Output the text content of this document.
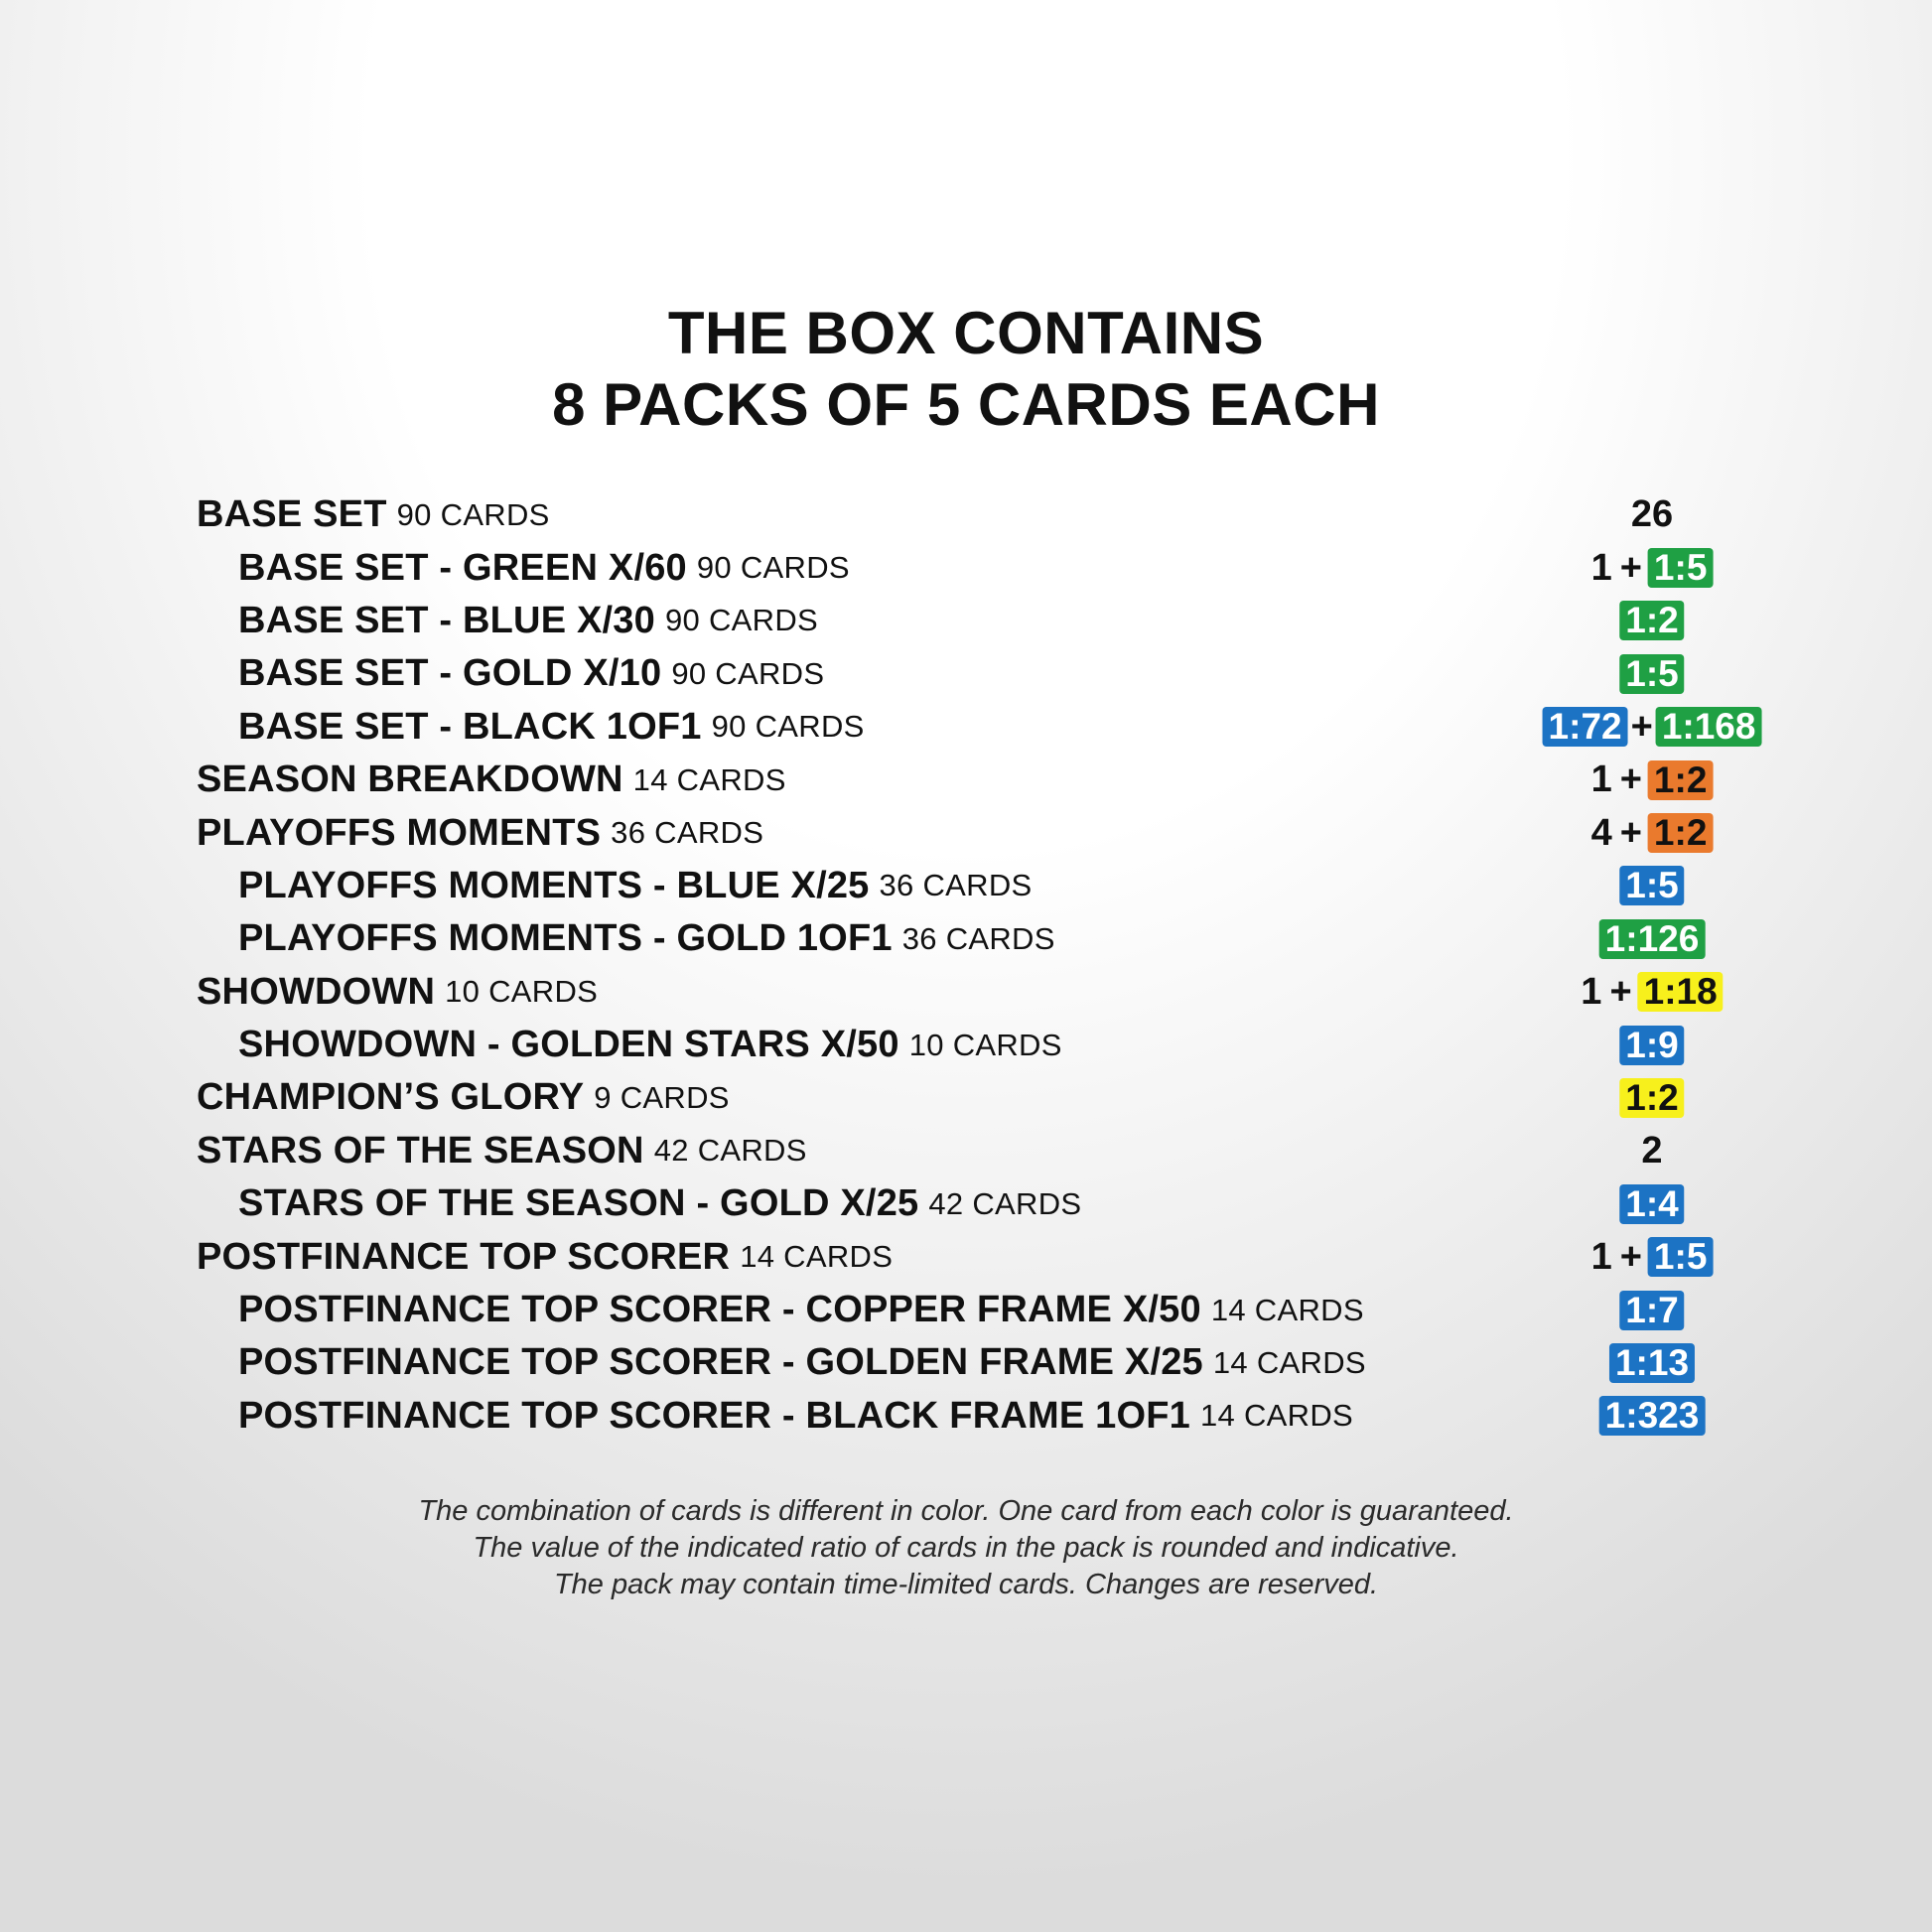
THE BOX CONTAINS
8 PACKS OF 5 CARDS EACH
BASE SET 90 CARDS	26
BASE SET - GREEN X/60 90 CARDS	1 + 1:5
BASE SET - BLUE X/30 90 CARDS	1:2
BASE SET - GOLD X/10 90 CARDS	1:5
BASE SET - BLACK 1OF1 90 CARDS	1:72 + 1:168
SEASON BREAKDOWN 14 CARDS	1 + 1:2
PLAYOFFS MOMENTS 36 CARDS	4 + 1:2
PLAYOFFS MOMENTS - BLUE X/25 36 CARDS	1:5
PLAYOFFS MOMENTS - GOLD 1OF1 36 CARDS	1:126
SHOWDOWN 10 CARDS	1 + 1:18
SHOWDOWN - GOLDEN STARS X/50 10 CARDS	1:9
CHAMPION’S GLORY 9 CARDS	1:2
STARS OF THE SEASON 42 CARDS	2
STARS OF THE SEASON - GOLD X/25 42 CARDS	1:4
POSTFINANCE TOP SCORER 14 CARDS	1 + 1:5
POSTFINANCE TOP SCORER - COPPER FRAME X/50 14 CARDS	1:7
POSTFINANCE TOP SCORER - GOLDEN FRAME X/25 14 CARDS	1:13
POSTFINANCE TOP SCORER - BLACK FRAME 1OF1 14 CARDS	1:323
The combination of cards is different in color. One card from each color is guaranteed.
The value of the indicated ratio of cards in the pack is rounded and indicative.
The pack may contain time-limited cards. Changes are reserved.
